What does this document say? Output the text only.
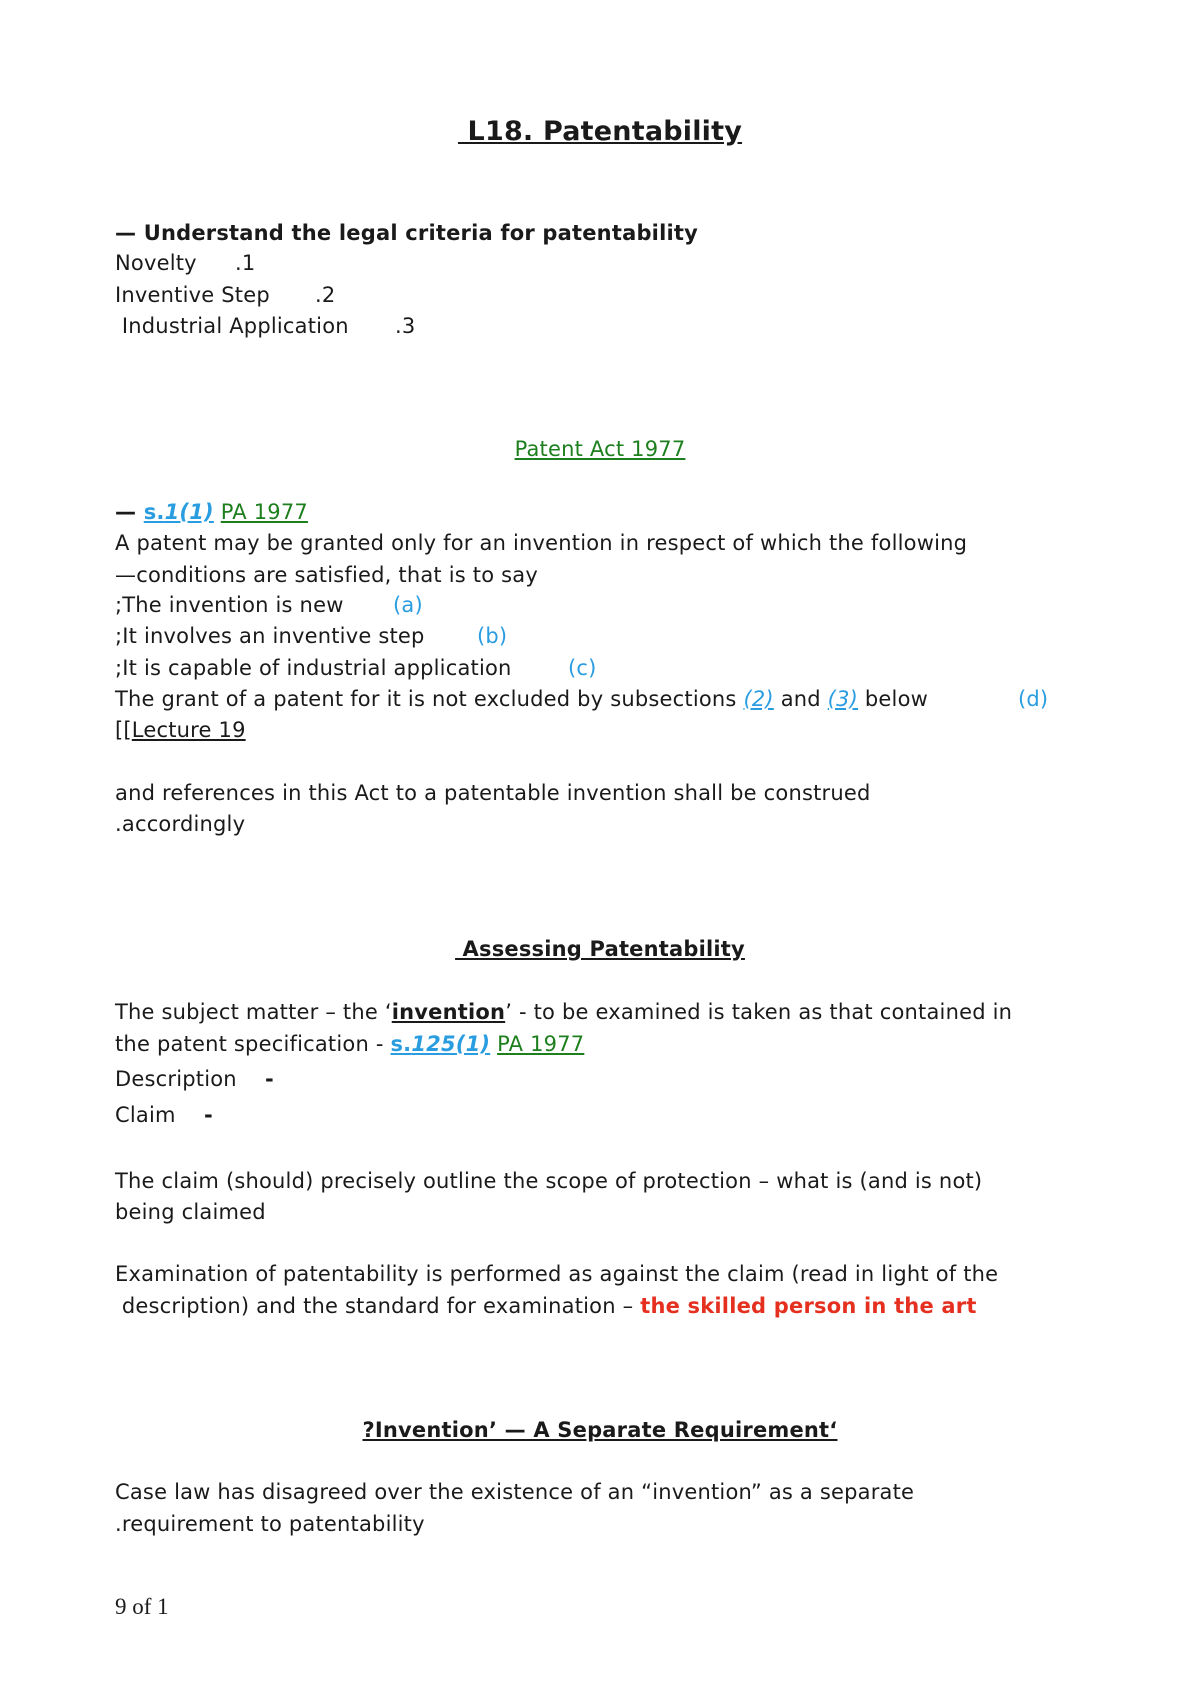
L18. Patentability
— Understand the legal criteria for patentability
Novelty .1
Inventive Step .2
Industrial Application .3
Patent Act 1977
— s.1(1) PA 1977
A patent may be granted only for an invention in respect of which the following
—conditions are satisfied, that is to say
;The invention is new (a)
;It involves an inventive step (b)
;It is capable of industrial application	(c)
The grant of a patent for it is not excluded by subsections (2) and (3) below	(d)
[[Lecture 19
and references in this Act to a patentable invention shall be construed
.accordingly
Assessing Patentability
The subject matter – the ‘invention’ - to be examined is taken as that contained in
the patent specification - s.125(1) PA 1977
Description -
Claim -
The claim (should) precisely outline the scope of protection – what is (and is not)
being claimed
Examination of patentability is performed as against the claim (read in light of the
description) and the standard for examination – the skilled person in the art
?Invention’ — A Separate Requirement‘
Case law has disagreed over the existence of an “invention” as a separate
.requirement to patentability
9 of 1
